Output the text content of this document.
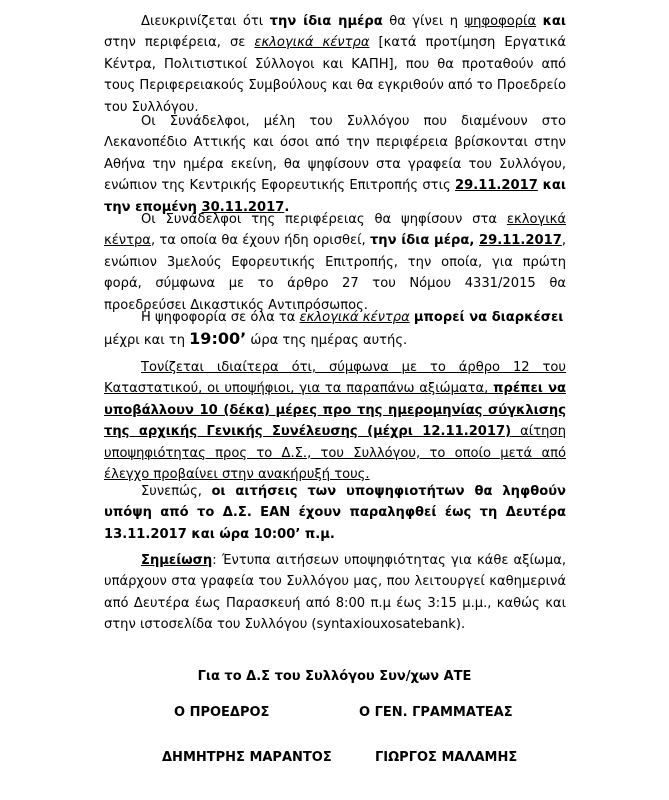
Διευκρινίζεται ότι την ίδια ημέρα θα γίνει η ψηφοφορία και στην περιφέρεια, σε εκλογικά κέντρα [κατά προτίμηση Εργατικά Κέντρα, Πολιτιστικοί Σύλλογοι και ΚΑΠΗ], που θα προταθούν από τους Περιφερειακούς Συμβούλους και θα εγκριθούν από το Προεδρείο του Συλλόγου.

Οι Συνάδελφοι, μέλη του Συλλόγου που διαμένουν στο Λεκανοπέδιο Αττικής και όσοι από την περιφέρεια βρίσκονται στην Αθήνα την ημέρα εκείνη, θα ψηφίσουν στα γραφεία του Συλλόγου, ενώπιον της Κεντρικής Εφορευτικής Επιτροπής στις 29.11.2017 και την επομένη 30.11.2017.

Οι Συνάδελφοι της περιφέρειας θα ψηφίσουν στα εκλογικά κέντρα, τα οποία θα έχουν ήδη ορισθεί, την ίδια μέρα, 29.11.2017, ενώπιον 3μελούς Εφορευτικής Επιτροπής, την οποία, για πρώτη φορά, σύμφωνα με το άρθρο 27 του Νόμου 4331/2015 θα προεδρεύσει Δικαστικός Αντιπρόσωπος.

Η ψηφοφορία σε όλα τα εκλογικά κέντρα μπορεί να διαρκέσει μέχρι και τη 19:00’ ώρα της ημέρας αυτής.

Τονίζεται ιδιαίτερα ότι, σύμφωνα με το άρθρο 12 του Καταστατικού, οι υποψήφιοι, για τα παραπάνω αξιώματα, πρέπει να υποβάλλουν 10 (δέκα) μέρες προ της ημερομηνίας σύγκλισης της αρχικής Γενικής Συνέλευσης (μέχρι 12.11.2017) αίτηση υποψηφιότητας προς το Δ.Σ., του Συλλόγου, το οποίο μετά από έλεγχο προβαίνει στην ανακήρυξή τους.

Συνεπώς, οι αιτήσεις των υποψηφιοτήτων θα ληφθούν υπόψη από το Δ.Σ. ΕΑΝ έχουν παραληφθεί έως τη Δευτέρα 13.11.2017 και ώρα 10:00’ π.μ.

Σημείωση: Έντυπα αιτήσεων υποψηφιότητας για κάθε αξίωμα, υπάρχουν στα γραφεία του Συλλόγου μας, που λειτουργεί καθημερινά από Δευτέρα έως Παρασκευή από 8:00 π.μ έως 3:15 μ.μ., καθώς και στην ιστοσελίδα του Συλλόγου (syntaxiouxosatebank).

Για το Δ.Σ του Συλλόγου Συν/χων ΑΤΕ
Ο ΠΡΟΕΔΡΟΣ	Ο ΓΕΝ. ΓΡΑΜΜΑΤΕΑΣ
ΔΗΜΗΤΡΗΣ ΜΑΡΑΝΤΟΣ	ΓΙΩΡΓΟΣ ΜΑΛΑΜΗΣ
